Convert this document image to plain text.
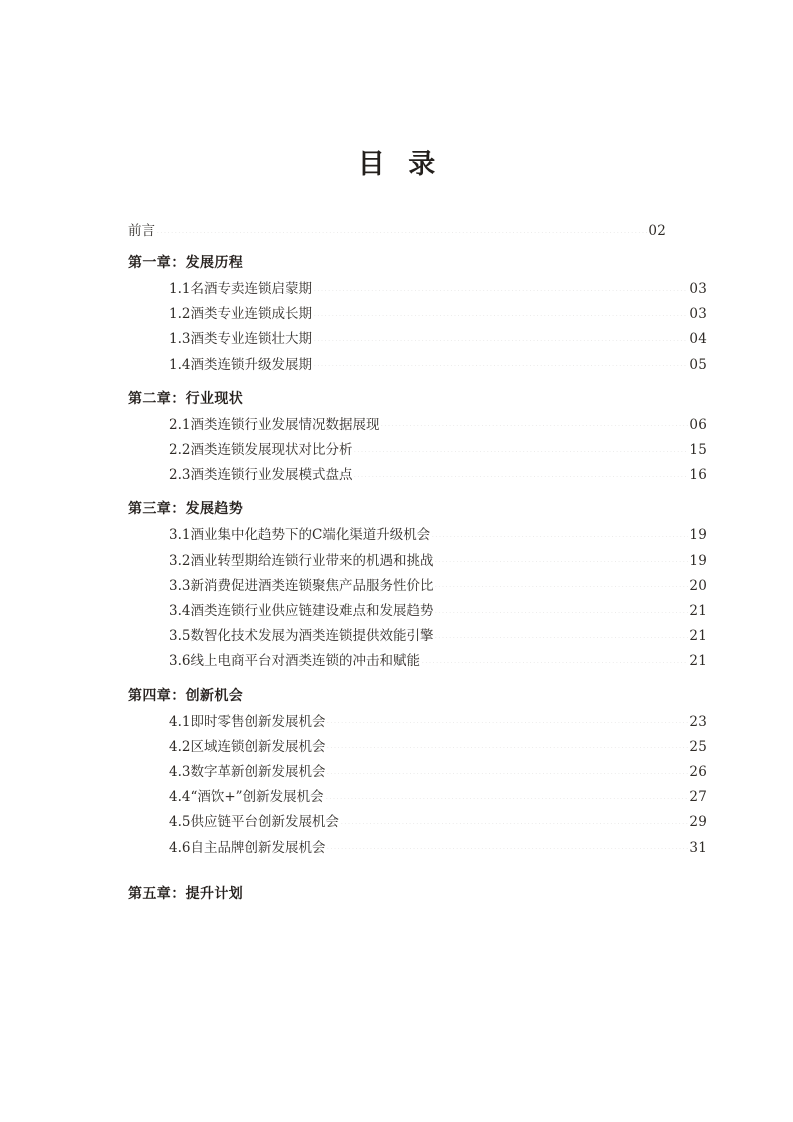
目 录
前言	02
第一章：发展历程
1.1名酒专卖连锁启蒙期	03
1.2酒类专业连锁成长期	03
1.3酒类专业连锁壮大期	04
1.4酒类连锁升级发展期	05
第二章：行业现状
2.1酒类连锁行业发展情况数据展现	06
2.2酒类连锁发展现状对比分析	15
2.3酒类连锁行业发展模式盘点	16
第三章：发展趋势
3.1酒业集中化趋势下的C端化渠道升级机会	19
3.2酒业转型期给连锁行业带来的机遇和挑战	19
3.3新消费促进酒类连锁聚焦产品服务性价比	20
3.4酒类连锁行业供应链建设难点和发展趋势	21
3.5数智化技术发展为酒类连锁提供效能引擎	21
3.6线上电商平台对酒类连锁的冲击和赋能	21
第四章：创新机会
4.1即时零售创新发展机会	23
4.2区域连锁创新发展机会	25
4.3数字革新创新发展机会	26
4.4“酒饮+”创新发展机会	27
4.5供应链平台创新发展机会	29
4.6自主品牌创新发展机会	31
第五章：提升计划
